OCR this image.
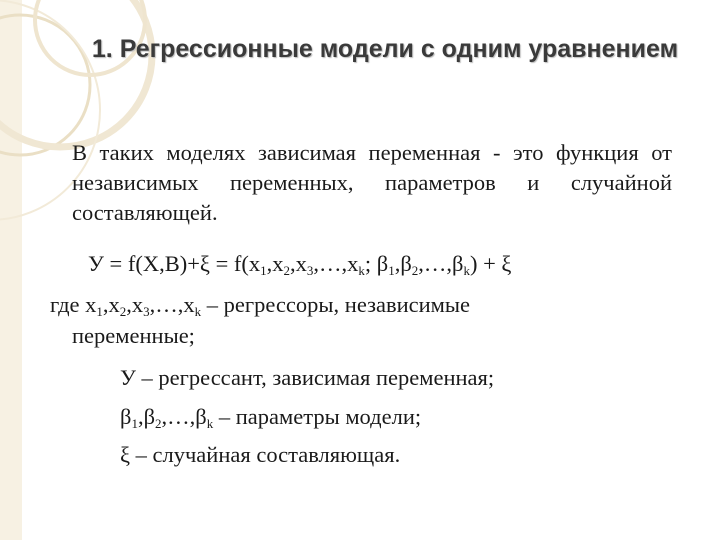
1. Регрессионные модели с одним уравнением
В таких моделях зависимая переменная - это функция от независимых переменных, параметров и случайной составляющей.
$У = f(X,B)+\xi = f(x_1,x_2,x_3,\dots,x_k$; $\beta_1,\beta_2,\dots,\beta_k) + \xi$
где $x_1,x_2,x_3,\dots,x_k$ – регрессоры, независимые
переменные;
У – регрессант, зависимая переменная;
$\beta_1,\beta_2,\dots,\beta_k$ – параметры модели;
ξ – случайная составляющая.
